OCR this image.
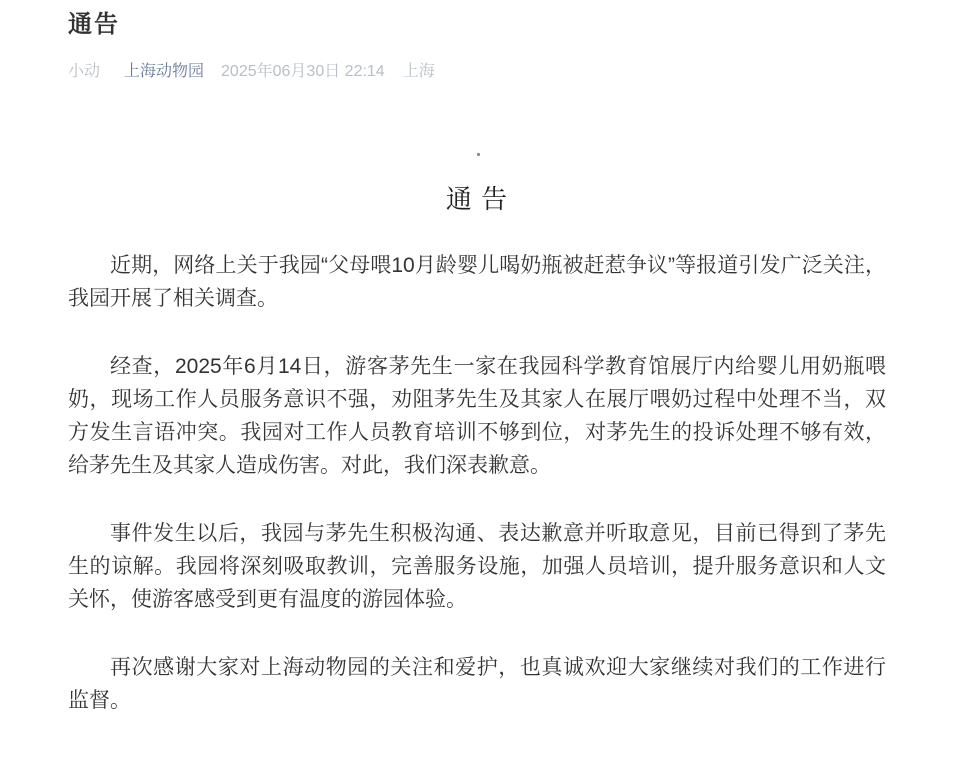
通告
小动 上海动物园 2025年06月30日 22:14 上海
通 告

近期，网络上关于我园“父母喂10月龄婴儿喝奶瓶被赶惹争议”等报道引发广泛关注，我园开展了相关调查。

经查，2025年6月14日，游客茅先生一家在我园科学教育馆展厅内给婴儿用奶瓶喂奶，现场工作人员服务意识不强，劝阻茅先生及其家人在展厅喂奶过程中处理不当，双方发生言语冲突。我园对工作人员教育培训不够到位，对茅先生的投诉处理不够有效，给茅先生及其家人造成伤害。对此，我们深表歉意。

事件发生以后，我园与茅先生积极沟通、表达歉意并听取意见，目前已得到了茅先生的谅解。我园将深刻吸取教训，完善服务设施，加强人员培训，提升服务意识和人文关怀，使游客感受到更有温度的游园体验。

再次感谢大家对上海动物园的关注和爱护，也真诚欢迎大家继续对我们的工作进行监督。
